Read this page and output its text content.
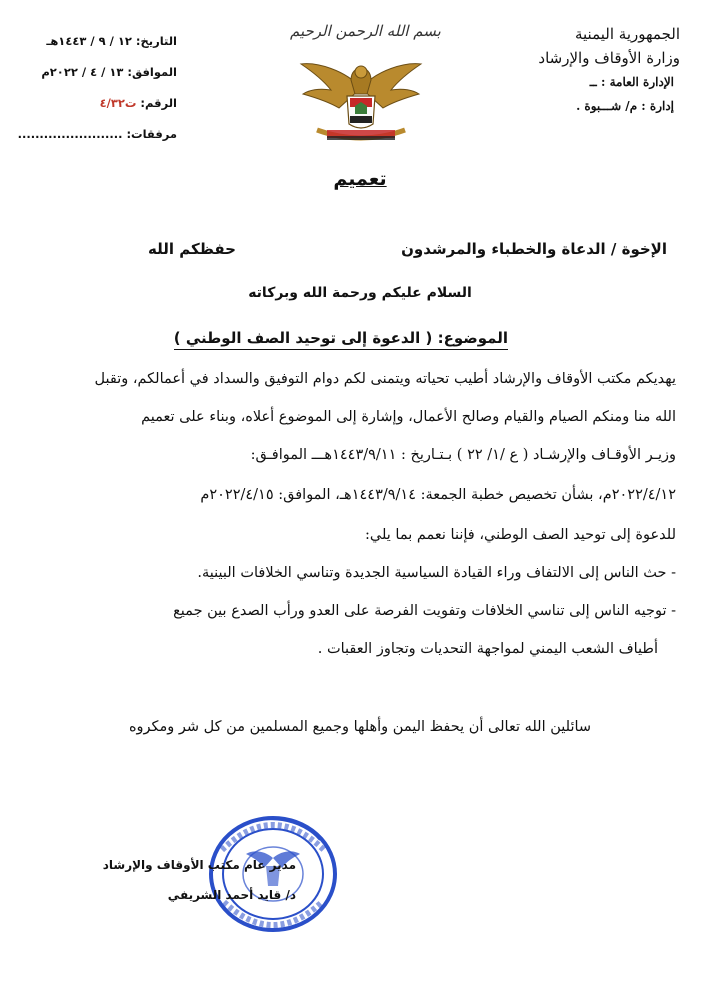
الجمهورية اليمنية
وزارة الأوقاف والإرشاد
الإدارة العامة : ــ
إدارة : م/ شـــبوة .
التاريخ: ١٢ / ٩ / ١٤٤٣هـ
الموافق: ١٣ / ٤ / ٢٠٢٢م
الرقم: ت٤/٣٢
مرفقات: ........................
بسم الله الرحمن الرحيم
تعميم
الإخوة / الدعاة والخطباء والمرشدون
حفظكم الله
السلام عليكم ورحمة الله وبركاته
الموضوع: ( الدعوة إلى توحيد الصف الوطني )
يهديكم مكتب الأوقاف والإرشاد أطيب تحياته ويتمنى لكم دوام التوفيق والسداد في أعمالكم، وتقبل
الله منا ومنكم الصيام والقيام وصالح الأعمال، وإشارة إلى الموضوع أعلاه، وبناء على تعميم
وزيـر الأوقـاف والإرشـاد ( ع /١/ ٢٢ ) بـتـاريخ : ١٤٤٣/٩/١١هـــ الموافـق:
٢٠٢٢/٤/١٢م، بشأن تخصيص خطبة الجمعة: ١٤٤٣/٩/١٤هـ، الموافق: ٢٠٢٢/٤/١٥م
للدعوة إلى توحيد الصف الوطني، فإننا نعمم بما يلي:
- حث الناس إلى الالتفاف وراء القيادة السياسية الجديدة وتناسي الخلافات البينية.
- توجيه الناس إلى تناسي الخلافات وتفويت الفرصة على العدو ورأب الصدع بين جميع
أطياف الشعب اليمني لمواجهة التحديات وتجاوز العقبات .
سائلين الله تعالى أن يحفظ اليمن وأهلها وجميع المسلمين من كل شر ومكروه
مدير عام مكتب الأوقاف والإرشاد
د/ قايد أحمد الشريفي
